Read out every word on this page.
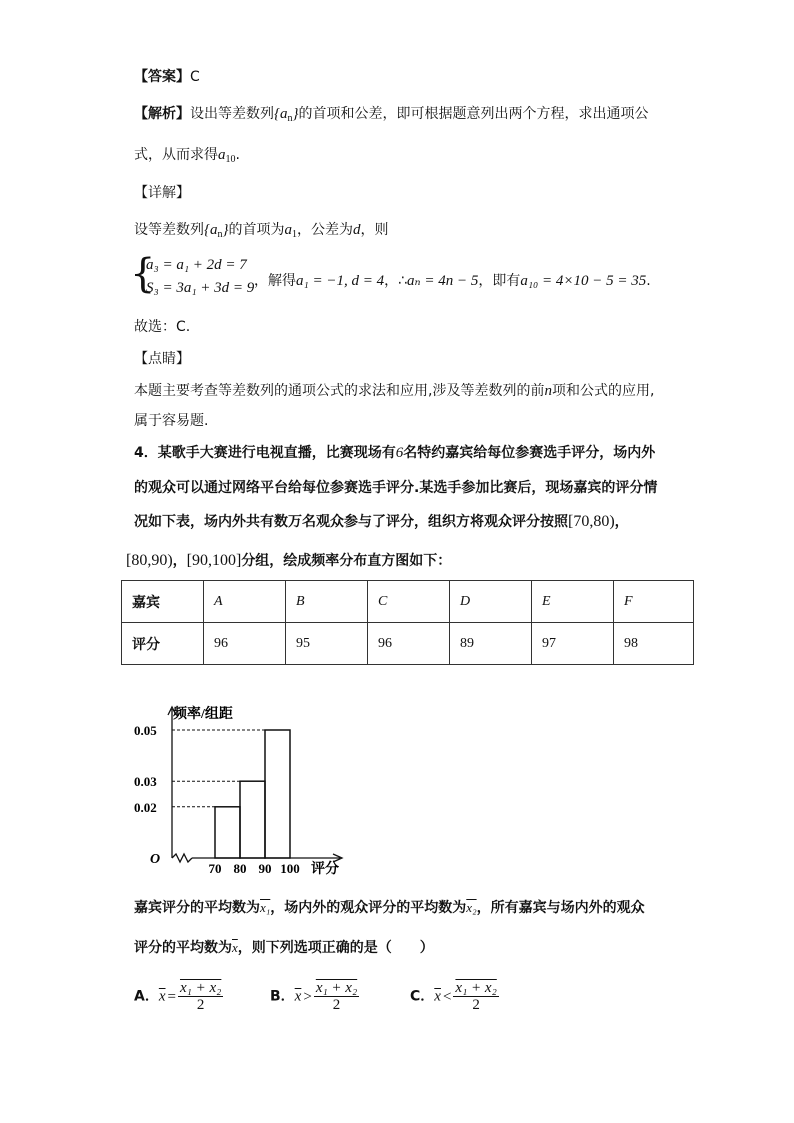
【答案】C
【解析】设出等差数列$\{a_n\}$的首项和公差，即可根据题意列出两个方程，求出通项公
式，从而求得$a_{10}$.
【详解】
设等差数列$\{a_n\}$的首项为$a_1$，公差为d，则
{
a₃ = a₁ + 2d = 7
S₃ = 3a₁ + 3d = 9 ，解得a₁ = −1, d = 4，∴aₙ = 4n − 5，即有a₁₀ = 4×10 − 5 = 35.
故选：C.
【点睛】
本题主要考查等差数列的通项公式的求法和应用,涉及等差数列的前n项和公式的应用,
属于容易题.
4．某歌手大赛进行电视直播，比赛现场有6名特约嘉宾给每位参赛选手评分，场内外
的观众可以通过网络平台给每位参赛选手评分.某选手参加比赛后，现场嘉宾的评分情
况如下表，场内外共有数万名观众参与了评分，组织方将观众评分按照[70,80)，
[80,90)，[90,100]分组，绘成频率分布直方图如下：
嘉宾	A	B	C	D	E	F
评分	96	95	96	89	97	98
频率/组距
评分
O
0.02
0.03
0.05
70 80 90 100
嘉宾评分的平均数为x₁，场内外的观众评分的平均数为x₂，所有嘉宾与场内外的观众
评分的平均数为$\overline{x}$，则下列选项正确的是（　　）
A．$\overline{x} = \frac{\text{x₁ + x₂}}{2}$	B．$\overline{x} > \frac{\text{x₁ + x₂}}{2}$	C．$\overline{x} < \frac{\text{x₁ + x₂}}{2}$
